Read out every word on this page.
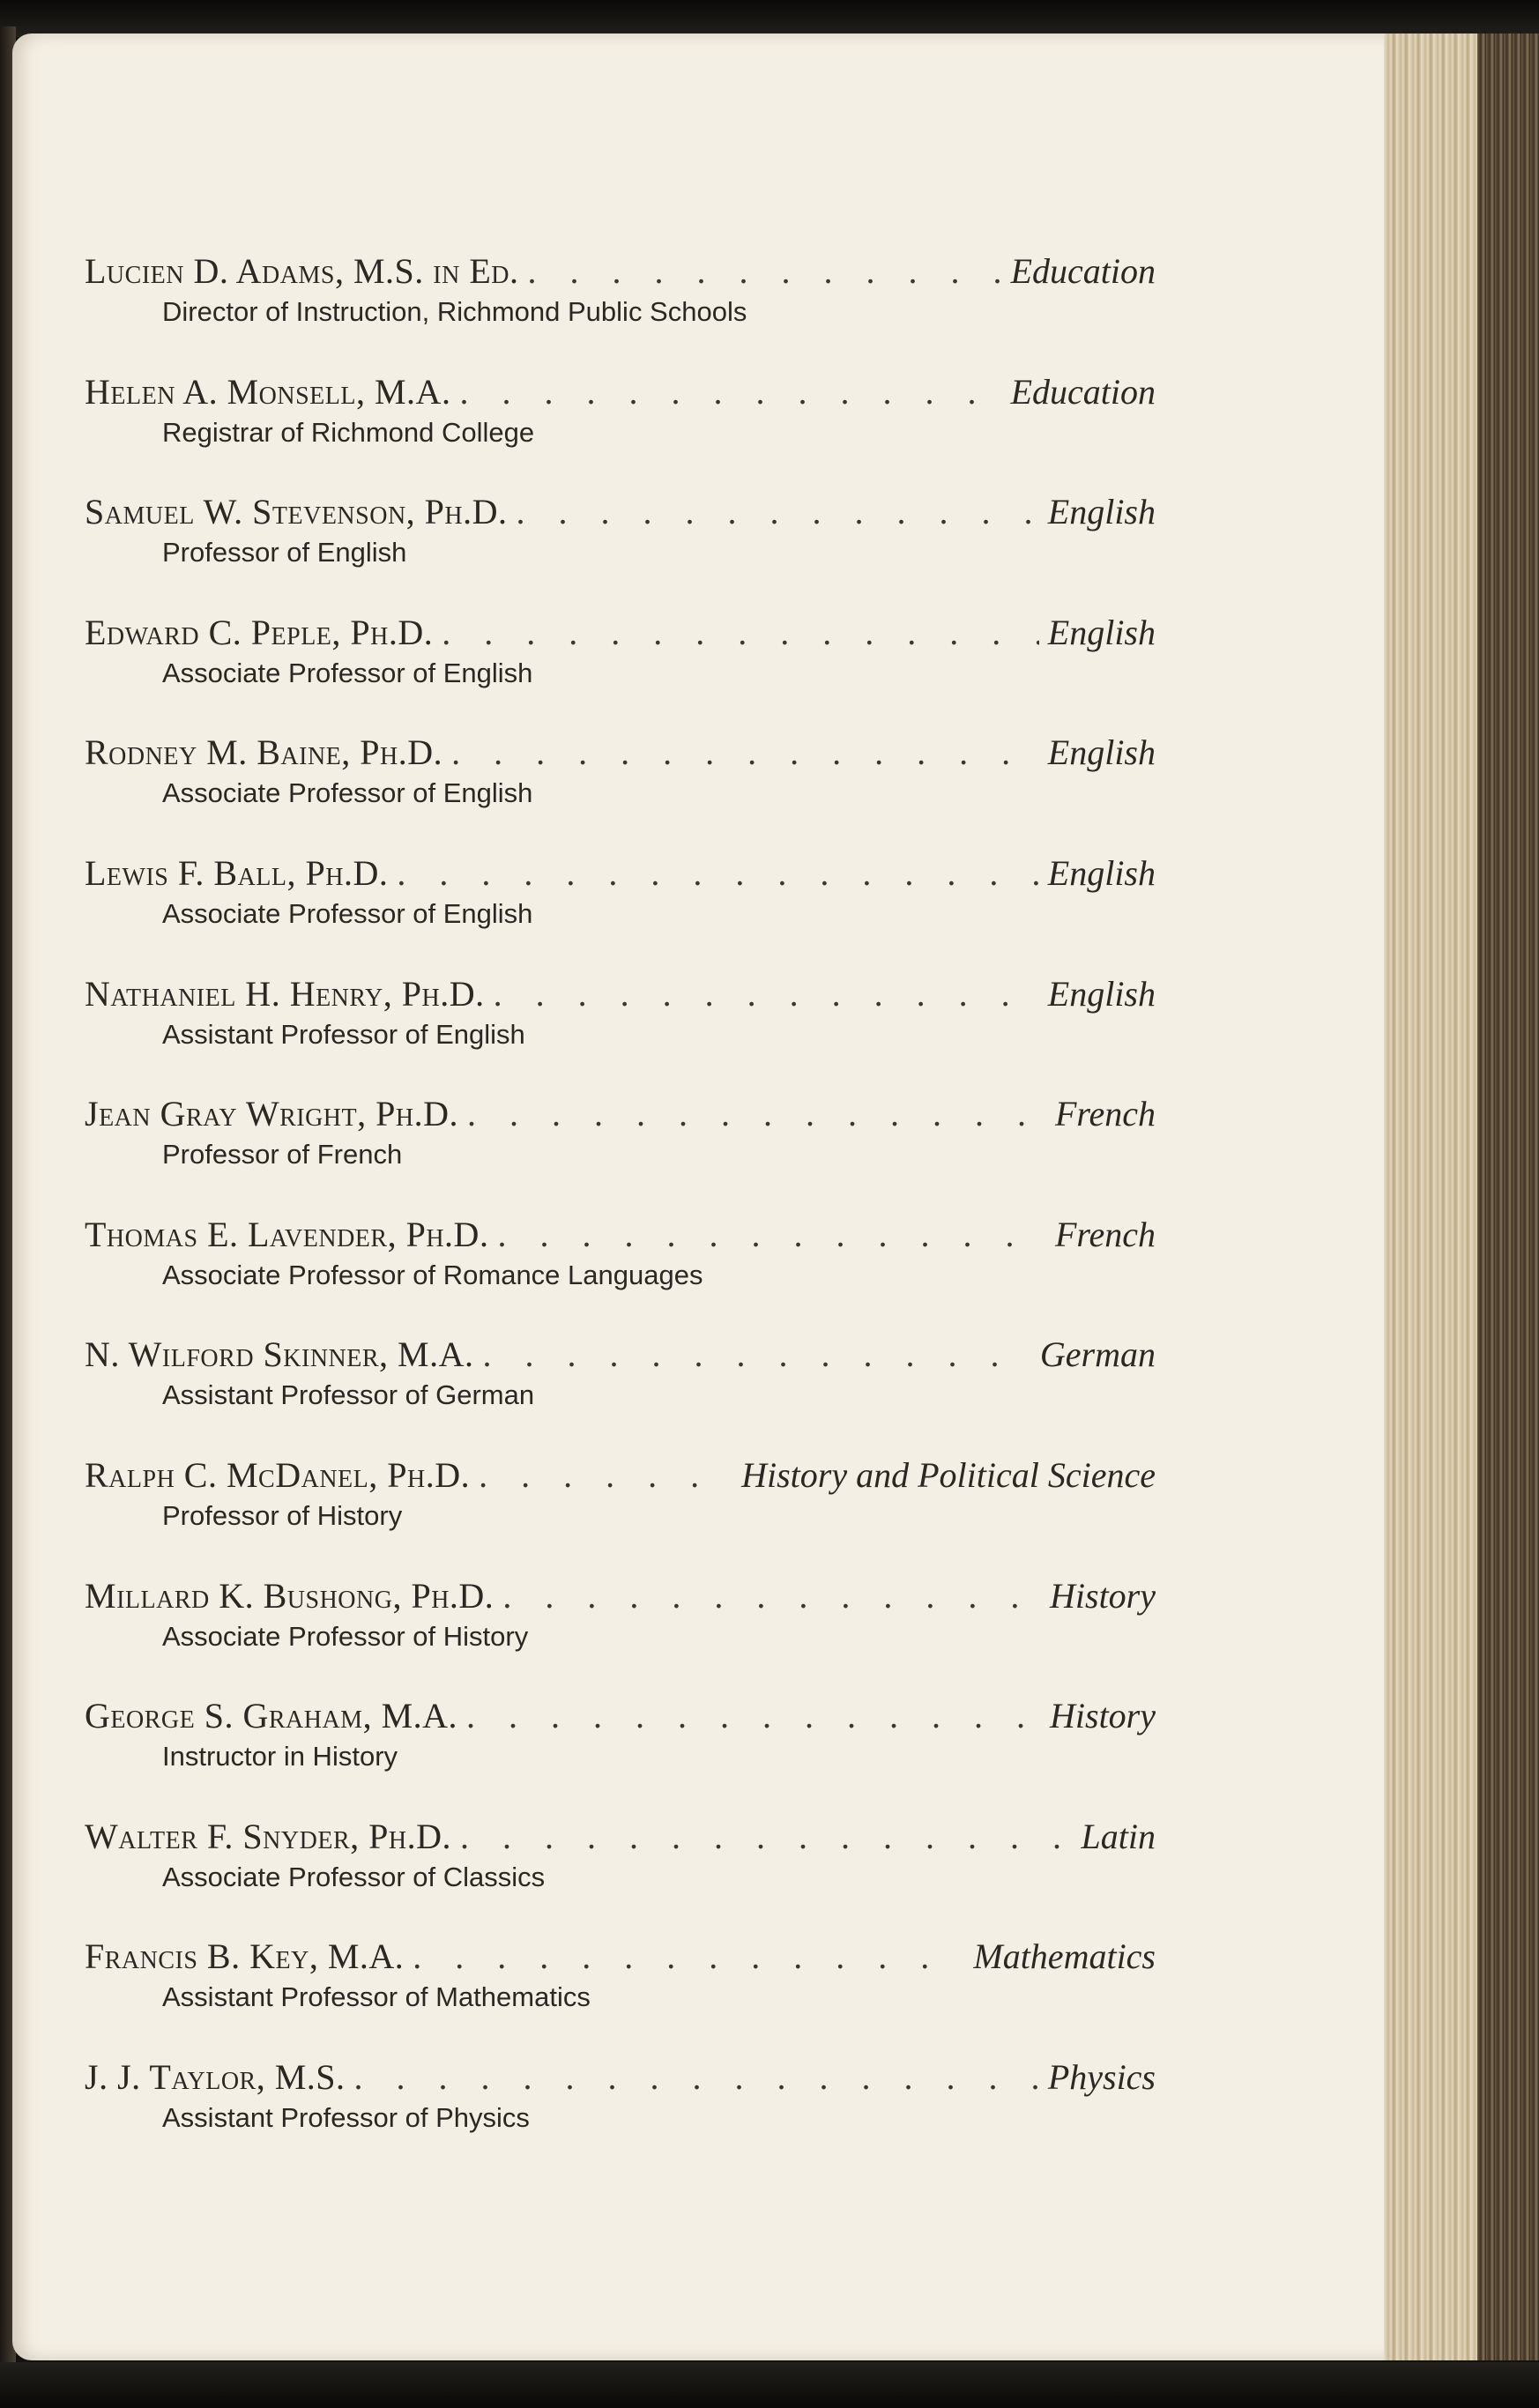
Lucien D. Adams, M.S. in Ed. . . .	Education
Director of Instruction, Richmond Public Schools
Helen A. Monsell, M.A. . . .	Education
Registrar of Richmond College
Samuel W. Stevenson, Ph.D. . . .	English
Professor of English
Edward C. Peple, Ph.D. . . .	English
Associate Professor of English
Rodney M. Baine, Ph.D. . . .	English
Associate Professor of English
Lewis F. Ball, Ph.D. . . .	English
Associate Professor of English
Nathaniel H. Henry, Ph.D. . . .	English
Assistant Professor of English
Jean Gray Wright, Ph.D. . . .	French
Professor of French
Thomas E. Lavender, Ph.D. . . .	French
Associate Professor of Romance Languages
N. Wilford Skinner, M.A. . . .	German
Assistant Professor of German
Ralph C. McDanel, Ph.D. . . .	History and Political Science
Professor of History
Millard K. Bushong, Ph.D. . . .	History
Associate Professor of History
George S. Graham, M.A. . . .	History
Instructor in History
Walter F. Snyder, Ph.D. . . .	Latin
Associate Professor of Classics
Francis B. Key, M.A. . . .	Mathematics
Assistant Professor of Mathematics
J. J. Taylor, M.S. . . .	Physics
Assistant Professor of Physics
